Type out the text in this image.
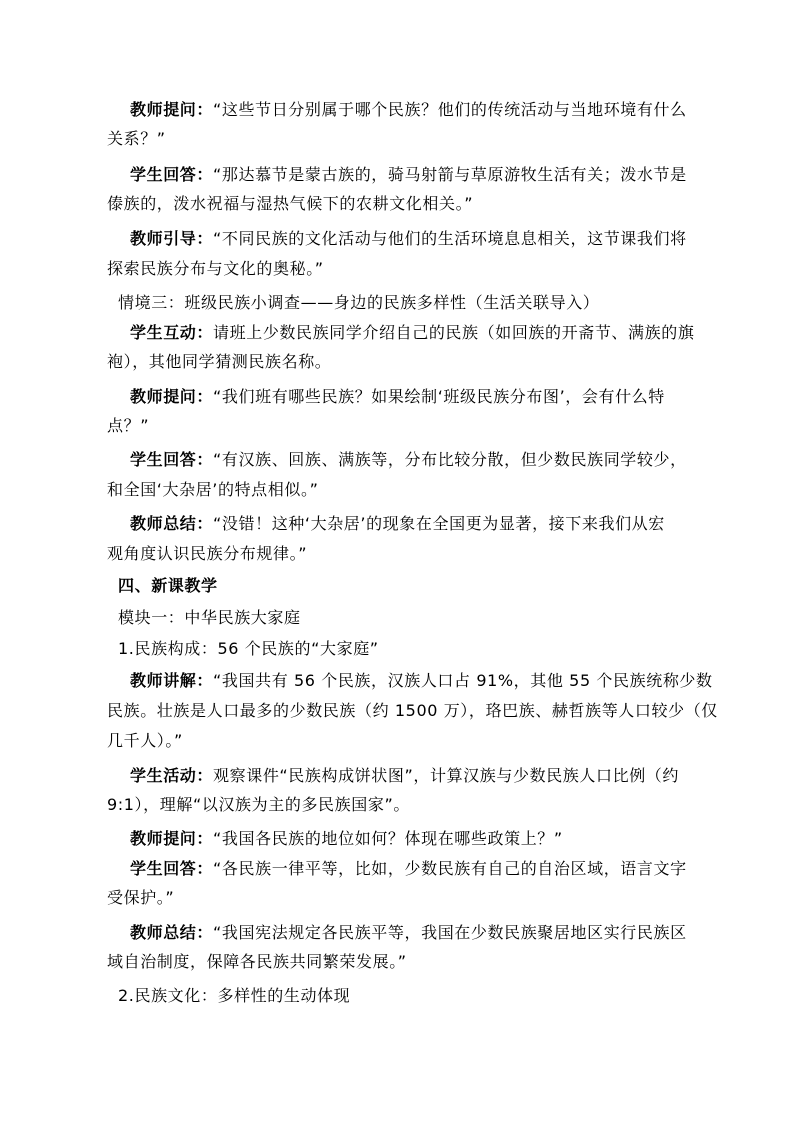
教师提问：“这些节日分别属于哪个民族？他们的传统活动与当地环境有什么

关系？”

学生回答：“那达慕节是蒙古族的，骑马射箭与草原游牧生活有关；泼水节是

傣族的，泼水祝福与湿热气候下的农耕文化相关。”

教师引导：“不同民族的文化活动与他们的生活环境息息相关，这节课我们将

探索民族分布与文化的奥秘。”

情境三：班级民族小调查——身边的民族多样性（生活关联导入）

学生互动：请班上少数民族同学介绍自己的民族（如回族的开斋节、满族的旗

袍），其他同学猜测民族名称。

教师提问：“我们班有哪些民族？如果绘制‘班级民族分布图’，会有什么特

点？”

学生回答：“有汉族、回族、满族等，分布比较分散，但少数民族同学较少，

和全国‘大杂居’的特点相似。”

教师总结：“没错！这种‘大杂居’的现象在全国更为显著，接下来我们从宏

观角度认识民族分布规律。”

四、新课教学

模块一：中华民族大家庭

1.民族构成：56 个民族的“大家庭”

教师讲解：“我国共有 56 个民族，汉族人口占 91%，其他 55 个民族统称少数

民族。壮族是人口最多的少数民族（约 1500 万），珞巴族、赫哲族等人口较少（仅

几千人）。”

学生活动：观察课件“民族构成饼状图”，计算汉族与少数民族人口比例（约

9:1），理解“以汉族为主的多民族国家”。

教师提问：“我国各民族的地位如何？体现在哪些政策上？”

学生回答：“各民族一律平等，比如，少数民族有自己的自治区域，语言文字

受保护。”

教师总结：“我国宪法规定各民族平等，我国在少数民族聚居地区实行民族区

域自治制度，保障各民族共同繁荣发展。”

2.民族文化：多样性的生动体现
